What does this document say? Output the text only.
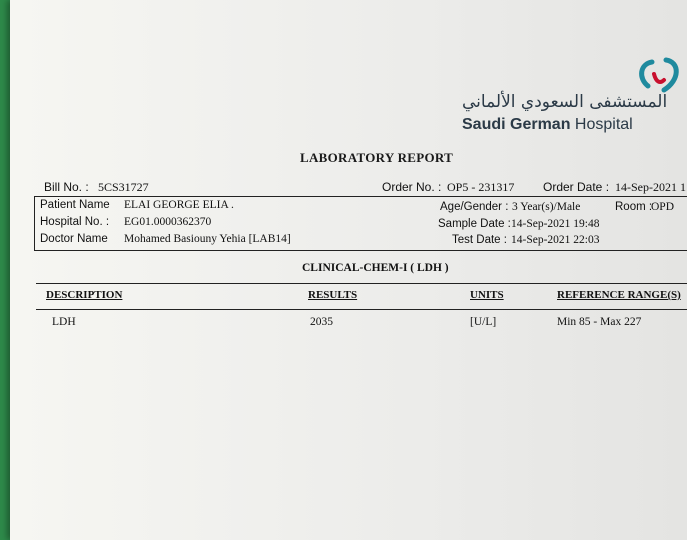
المستشفى السعودي الألماني
Saudi German Hospital
LABORATORY REPORT
Bill No. : 5CS31727	Order No. : OP5 - 231317 Order Date : 14-Sep-2021 1
Patient Name ELAI GEORGE ELIA .
Hospital No. : EG01.0000362370
Doctor Name Mohamed Basiouny Yehia [LAB14]
Age/Gender : 3 Year(s)/Male	Room :
OPD
Sample Date : 14-Sep-2021 19:48
Test Date : 14-Sep-2021 22:03
CLINICAL-CHEM-I ( LDH )
DESCRIPTION	RESULTS	UNITS	REFERENCE RANGE(S)
LDH	2035	[U/L]	Min 85 - Max 227
